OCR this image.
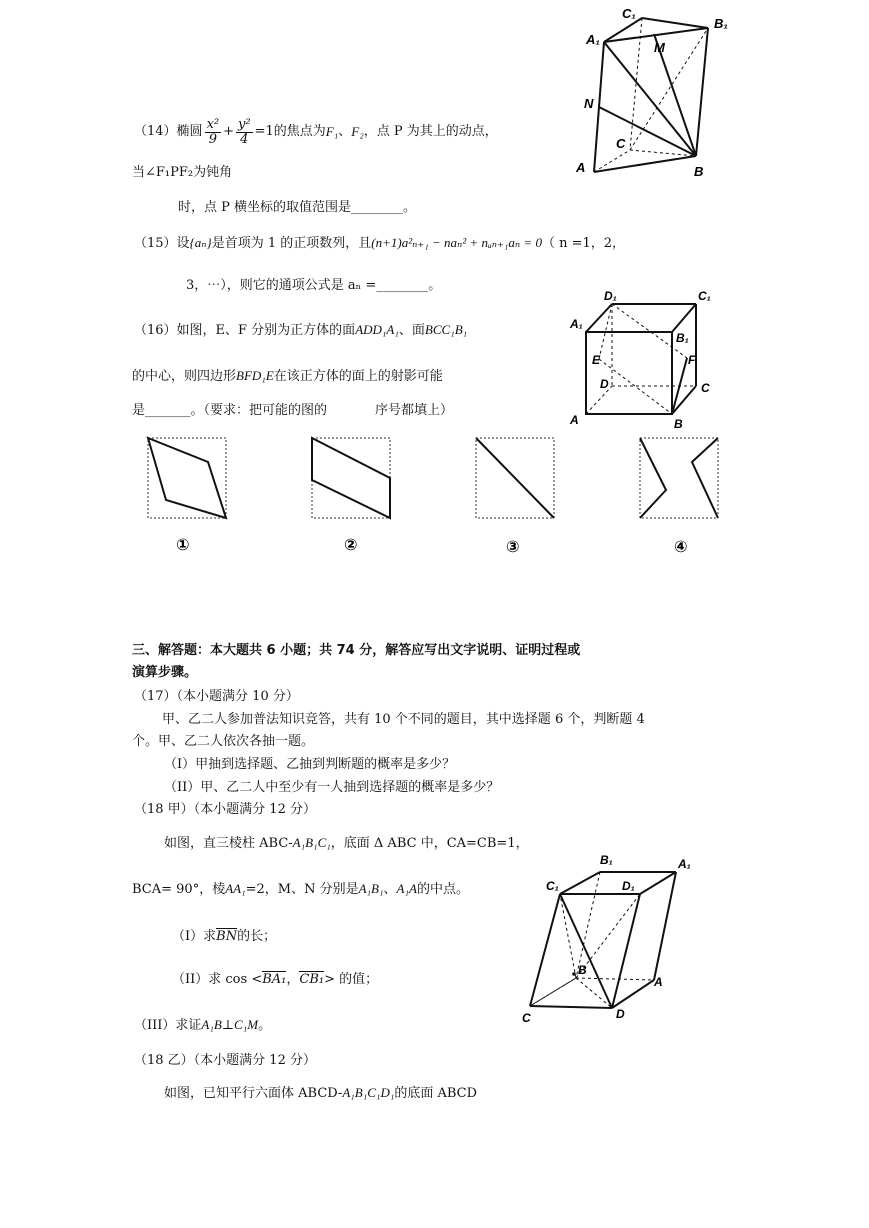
C₁
A₁
B₁
M
N
C
A	B
（14） 椭圆 $\frac{\text{x²}}{9} + \frac{\text{y²}}{4} =1$ 的焦点为 F₁ 、 F₂ ，点 P 为其上的动点，
当∠F₁PF₂为钝角
时，点 P 横坐标的取值范围是________。
（15）设{aₙ}是首项为 1 的正项数列，且(n+1)a²ₙ₊₁ − naₙ² + nₐₙ₊₁aₙ = 0（ n =1，2，
3，⋯），则它的通项公式是 aₙ =________。
D₁	C₁
A₁
B₁
E	F
D	C
A	B
（16）如图，E、F 分别为正方体的面ADD₁A₁、面BCC₁B₁
的中心，则四边形BFD₁E在该正方体的面上的射影可能
是_______。（要求：把可能的图的	序号都填上）
①	②	③	④
三、解答题：本大题共 6 小题；共 74 分，解答应写出文字说明、证明过程或
演算步骤。
（17）（本小题满分 10 分）
甲、乙二人参加普法知识竞答，共有 10 个不同的题目，其中选择题 6 个，判断题 4
个。甲、乙二人依次各抽一题。
（I）甲抽到选择题、乙抽到判断题的概率是多少？
（II）甲、乙二人中至少有一人抽到选择题的概率是多少？
（18 甲）（本小题满分 12 分）
如图，直三棱柱 ABC-A₁B₁C₁，底面 Δ ABC 中，CA=CB=1，
BCA= 90°，棱AA₁=2，M、N 分别是A₁B₁、A₁A的中点。
（I）求BN的长；
（II）求 cos <BA₁，CB₁> 的值；
（III）求证A₁B⊥C₁M。
B₁	A₁
C₁	D₁
B
A
C	D
（18 乙）（本小题满分 12 分）
如图，已知平行六面体 ABCD-A₁B₁C₁D₁的底面 ABCD
